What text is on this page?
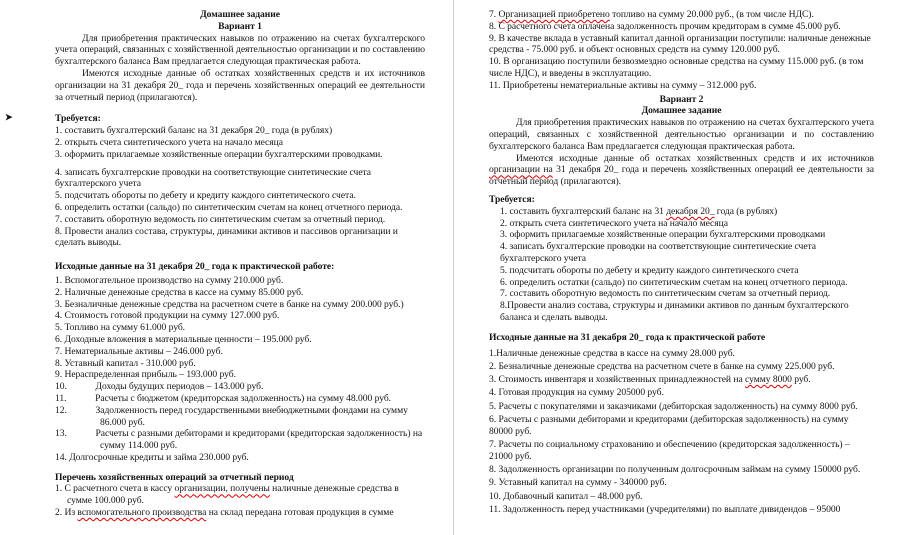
Домашнее задание
Вариант 1

Для приобретения практических навыков по отражению на счетах бухгалтерского учета операций, связанных с хозяйственной деятельностью организации и по составлению бухгалтерского баланса Вам предлагается следующая практическая работа.

Имеются исходные данные об остатках хозяйственных средств и их источников организации на 31 декабря 20_ года и перечень хозяйственных операций ее деятельности за отчетный период (прилагаются).

➤	Требуется:
1. составить бухгалтерский баланс на 31 декабря 20_ года (в рублях)
2. открыть счета синтетического учета на начало месяца
3. оформить прилагаемые хозяйственные операции бухгалтерскими проводками.
4. записать бухгалтерские проводки на соответствующие синтетические счета бухгалтерского учета
5. подсчитать обороты по дебету и кредиту каждого синтетического счета.
6. определить остатки (сальдо) по синтетическим счетам на конец отчетного периода.
7. составить оборотную ведомость по синтетическим счетам за отчетный период.
8. Провести анализ состава, структуры, динамики активов и пассивов организации и сделать выводы.
Исходные данные на 31 декабря 20_ года к практической работе:
1. Вспомогательное производство на сумму 210.000 руб.
2. Наличные денежные средства в кассе на сумму 85.000 руб.
3. Безналичные денежные средства на расчетном счете в банке на сумму 200.000 руб.)
4. Стоимость готовой продукции на сумму 127.000 руб.
5. Топливо на сумму 61.000 руб.
6. Доходные вложения в материальные ценности – 195.000 руб.
7. Нематериальные активы – 246.000 руб.
8. Уставный капитал - 310.000 руб.
9. Нераспределенная прибыль – 193.000 руб.
10.   Доходы будущих периодов – 143.000 руб.
11.   Расчеты с бюджетом (кредиторская задолженность) на сумму 48.000 руб.
12.   Задолженность перед государственными внебюджетными фондами на сумму 86.000 руб.
13.   Расчеты с разными дебиторами и кредиторами (кредиторская задолженность) на сумму 114.000 руб.
14. Долгосрочные кредиты и займа 230.000 руб.
Перечень хозяйственных операций за отчетный период
1. С расчетного счета в кассу организации, получены наличные денежные средства в сумме 100.000 руб.
2. Из вспомогательного производства на склад передана готовая продукция в сумме
7. Организацией приобретено топливо на сумму 20.000 руб., (в том числе НДС).
8. С расчетного счета оплачена задолженность прочим кредиторам в сумме 45.000 руб.
9. В качестве вклада в уставный капитал данной организации поступили: наличные денежные средства - 75.000 руб. и объект основных средств на сумму 120.000 руб.
10. В организацию поступили безвозмездно основные средства на сумму 115.000 руб. (в том числе НДС), и введены в эксплуатацию.
11. Приобретены нематериальные активы на сумму – 312.000 руб.
Вариант 2
Домашнее задание

Для приобретения практических навыков по отражению на счетах бухгалтерского учета операций, связанных с хозяйственной деятельностью организации и по составлению бухгалтерского баланса Вам предлагается следующая практическая работа.

Имеются исходные данные об остатках хозяйственных средств и их источников организации на 31 декабря 20_ года и перечень хозяйственных операций ее деятельности за отчетный период (прилагаются).

Требуется:
1. составить бухгалтерский баланс на 31 декабря 20_ года (в рублях)
2. открыть счета синтетического учета на начало месяца
3. оформить прилагаемые хозяйственные операции бухгалтерскими проводками
4. записать бухгалтерские проводки на соответствующие синтетические счета бухгалтерского учета
5. подсчитать обороты по дебету и кредиту каждого синтетического счета
6. определить остатки (сальдо) по синтетическим счетам на конец отчетного периода.
7. составить оборотную ведомость по синтетическим счетам за отчетный период.
8.Провести анализ состава, структуры и динамики активов по данным бухгалтерского баланса и сделать выводы.
Исходные данные на 31 декабря 20_ года к практической работе
1.Наличные денежные средства в кассе на сумму 28.000 руб.
2. Безналичные денежные средства на расчетном счете в банке на сумму 225.000 руб.
3. Стоимость инвентаря и хозяйственных принадлежностей на сумму 8000 руб.
4. Готовая продукция на сумму 205000 руб.
5. Расчеты с покупателями и заказчиками (дебиторская задолженность) на сумму 8000 руб.
6. Расчеты с разными дебиторами и кредиторами (дебиторская задолженность) на сумму 80000 руб.
7. Расчеты по социальному страхованию и обеспечению (кредиторская задолженность) – 21000 руб.
8. Задолженность организации по полученным долгосрочным займам на сумму 150000 руб.
9. Уставный капитал на сумму - 340000 руб.
10. Добавочный капитал – 48.000 руб.
11. Задолженность перед участниками (учредителями) по выплате дивидендов – 95000
